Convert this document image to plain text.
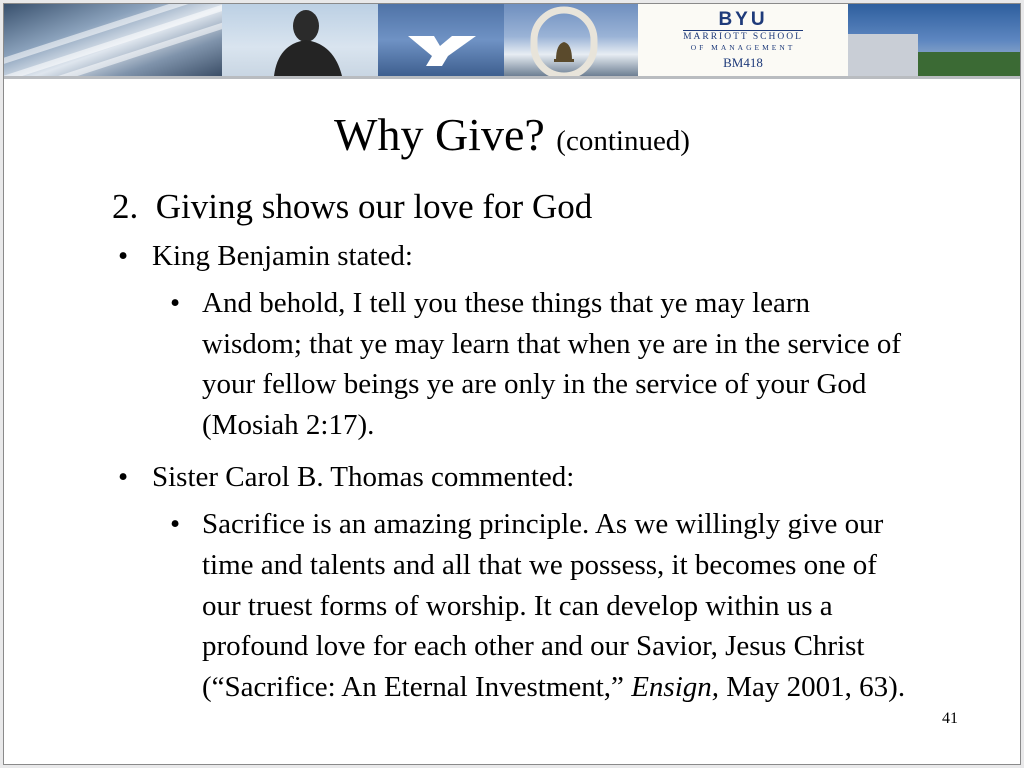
BYU
MARRIOTT SCHOOL
OF MANAGEMENT
BM418
Why Give? (continued)
2. Giving shows our love for God
• King Benjamin stated:
• And behold, I tell you these things that ye may learn wisdom; that ye may learn that when ye are in the service of your fellow beings ye are only in the service of your God (Mosiah 2:17).
• Sister Carol B. Thomas commented:
• Sacrifice is an amazing principle. As we willingly give our time and talents and all that we possess, it becomes one of our truest forms of worship. It can develop within us a profound love for each other and our Savior, Jesus Christ (“Sacrifice: An Eternal Investment,” Ensign, May 2001, 63).
41
